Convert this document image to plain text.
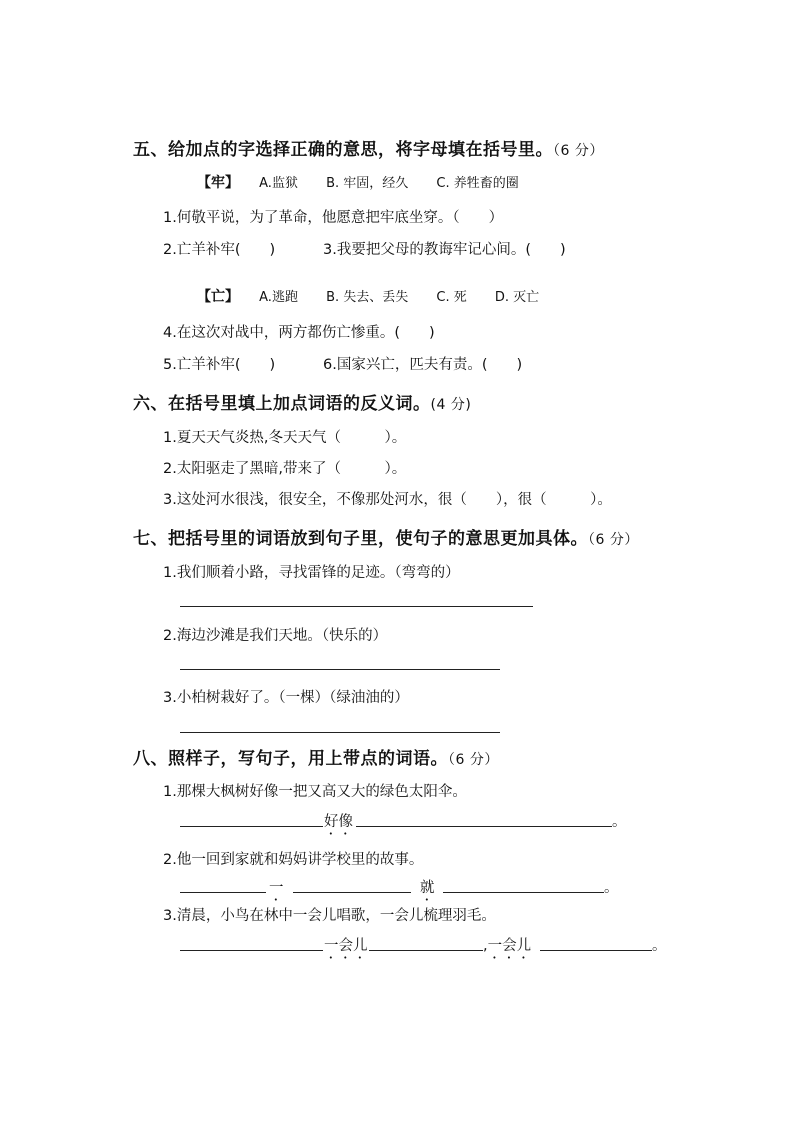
五、给加点的字选择正确的意思，将字母填在括号里。（6 分）
【牢】 A.监狱 B. 牢固，经久 C. 养牲畜的圈
1.何敬平说，为了革命，他愿意把牢底坐穿。（　　）
2.亡羊补牢(　　)	3.我要把父母的教诲牢记心间。(　　)
【亡】 A.逃跑 B. 失去、丢失 C. 死 D. 灭亡
4.在这次对战中，两方都伤亡惨重。(　　)
5.亡羊补牢(　　)	6.国家兴亡，匹夫有责。(　　)
六、在括号里填上加点词语的反义词。(4 分)
1.夏天天气炎热,冬天天气（　　　）。
2.太阳驱走了黑暗,带来了（　　　）。
3.这处河水很浅，很安全，不像那处河水，很（　　），很（　　　）。
七、把括号里的词语放到句子里，使句子的意思更加具体。（6 分）
1.我们顺着小路，寻找雷锋的足迹。（弯弯的）
2.海边沙滩是我们天地。（快乐的）
3.小柏树栽好了。（一棵）（绿油油的）
八、照样子，写句子，用上带点的词语。（6 分）
1.那棵大枫树好像一把又高又大的绿色太阳伞。
好像	。
2.他一回到家就和妈妈讲学校里的故事。
一	就	。
3.清晨，小鸟在林中一会儿唱歌，一会儿梳理羽毛。
一会儿	,一会儿	。
